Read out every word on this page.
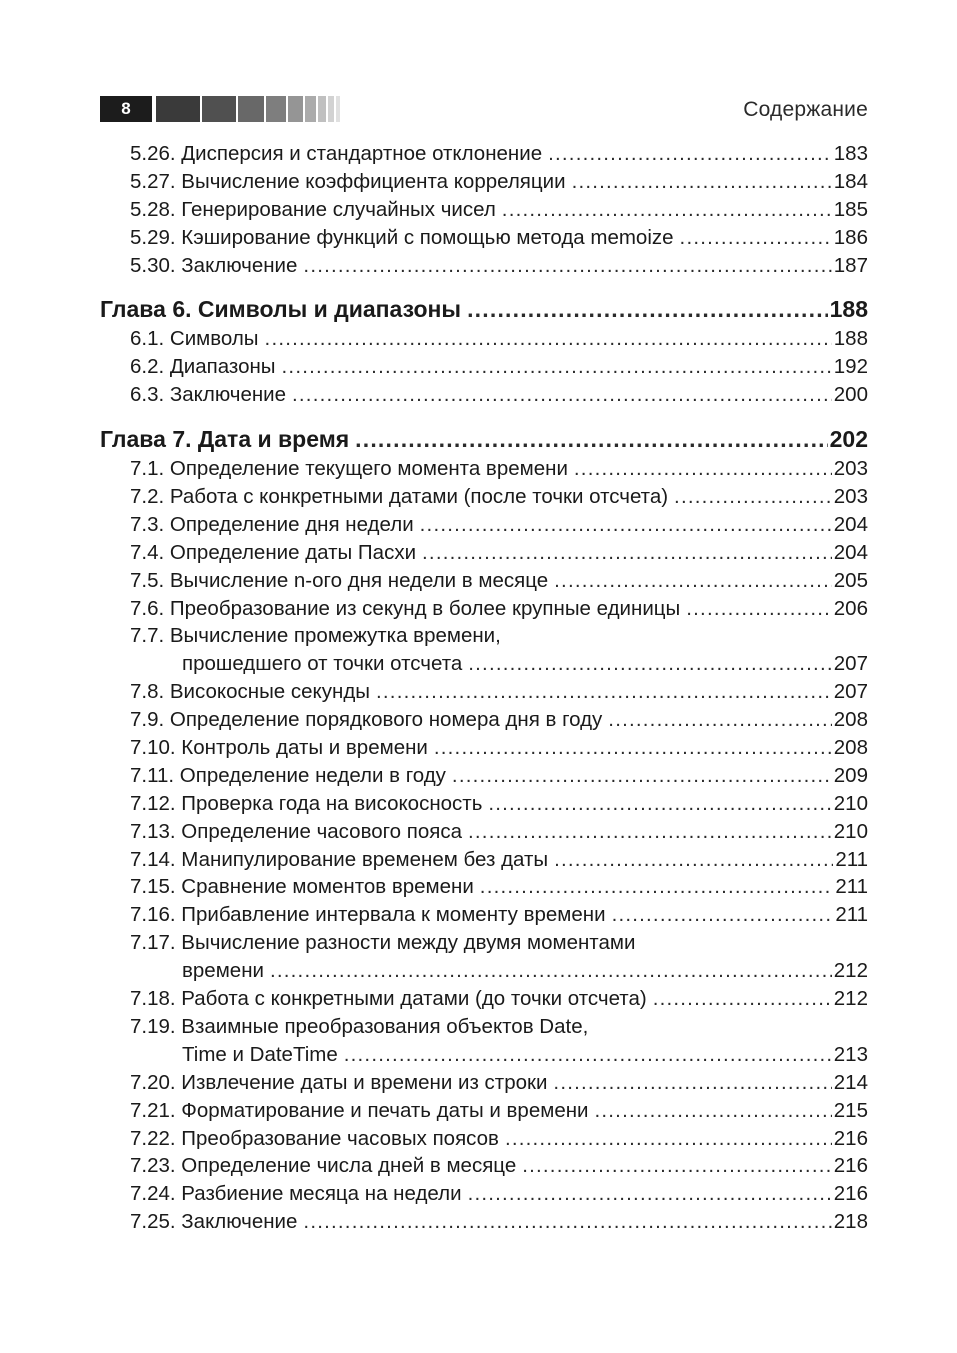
8	Содержание
5.26. Дисперсия и стандартное отклонение .....	183
5.27. Вычисление коэффициента корреляции .....	184
5.28. Генерирование случайных чисел .....	185
5.29. Кэширование функций с помощью метода memoize .....	186
5.30. Заключение .....	187
Глава 6. Символы и диапазоны .....	188
6.1. Символы .....	188
6.2. Диапазоны .....	192
6.3. Заключение .....	200
Глава 7. Дата и время .....	202
7.1. Определение текущего момента времени .....	203
7.2. Работа с конкретными датами (после точки отсчета) .....	203
7.3. Определение дня недели .....	204
7.4. Определение даты Пасхи .....	204
7.5. Вычисление n-ого дня недели в месяце .....	205
7.6. Преобразование из секунд в более крупные единицы .....	206
7.7. Вычисление промежутка времени,
прошедшего от точки отсчета .....	207
7.8. Високосные секунды .....	207
7.9. Определение порядкового номера дня в году .....	208
7.10. Контроль даты и времени .....	208
7.11. Определение недели в году .....	209
7.12. Проверка года на високосность .....	210
7.13. Определение часового пояса .....	210
7.14. Манипулирование временем без даты .....	211
7.15. Сравнение моментов времени .....	211
7.16. Прибавление интервала к моменту времени .....	211
7.17. Вычисление разности между двумя моментами
времени .....	212
7.18. Работа с конкретными датами (до точки отсчета) .....	212
7.19. Взаимные преобразования объектов Date,
Time и DateTime .....	213
7.20. Извлечение даты и времени из строки .....	214
7.21. Форматирование и печать даты и времени .....	215
7.22. Преобразование часовых поясов .....	216
7.23. Определение числа дней в месяце .....	216
7.24. Разбиение месяца на недели .....	216
7.25. Заключение .....	218
